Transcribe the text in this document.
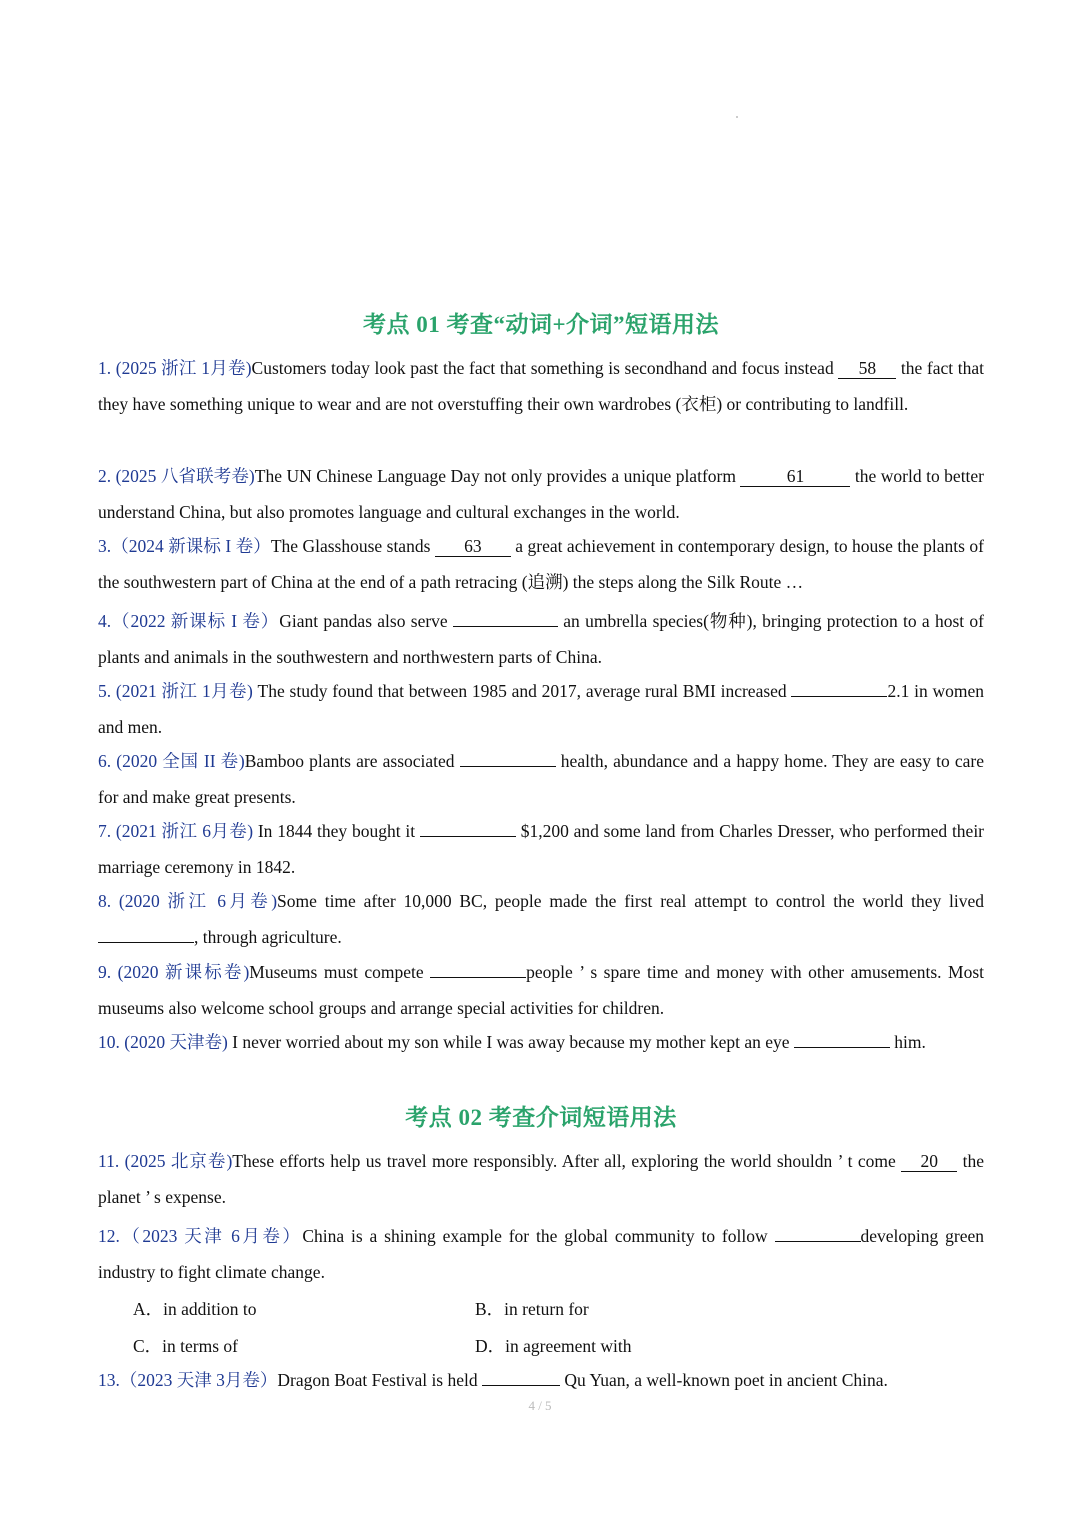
考点 01 考查“动词+介词”短语用法
1. (2025 浙江 1月卷)Customers today look past the fact that something is secondhand and focus instead 58 the fact that they have something unique to wear and are not overstuffing their own wardrobes (衣柜) or contributing to landfill.
2. (2025 八省联考卷)The UN Chinese Language Day not only provides a unique platform	61	the world to better understand China, but also promotes language and cultural exchanges in the world.
3.（2024 新课标 I 卷）The Glasshouse stands 63 a great achievement in contemporary design, to house the plants of the southwestern part of China at the end of a path retracing (追溯) the steps along the Silk Route …
4.（2022 新课标 I 卷）Giant pandas also serve	an umbrella species(物种), bringing protection to a host of plants and animals in the southwestern and northwestern parts of China.
5. (2021 浙江 1月卷) The study found that between 1985 and 2017, average rural BMI increased	2.1 in women and men.
6. (2020 全国 II 卷)Bamboo plants are associated	health, abundance and a happy home. They are easy to care for and make great presents.
7. (2021 浙江 6月卷) In 1844 they bought it	$1,200 and some land from Charles Dresser, who performed their marriage ceremony in 1842.
8. (2020 浙江 6月卷)Some time after 10,000 BC, people made the first real attempt to control the world they lived , through agriculture.
9. (2020 新课标卷)Museums must compete	people ’ s spare time and money with other amusements. Most museums also welcome school groups and arrange special activities for children.
10. (2020 天津卷) I never worried about my son while I was away because my mother kept an eye	him.
考点 02 考查介词短语用法
11. (2025 北京卷)These efforts help us travel more responsibly. After all, exploring the world shouldn ’ t come 20 the planet ’ s expense.
12.（2023 天津 6月卷）China is a shining example for the global community to follow	developing green industry to fight climate change.
A．in addition to	B．in return for
C．in terms of	D．in agreement with
13.（2023 天津 3月卷）Dragon Boat Festival is held	Qu Yuan, a well-known poet in ancient China.
4 / 5
